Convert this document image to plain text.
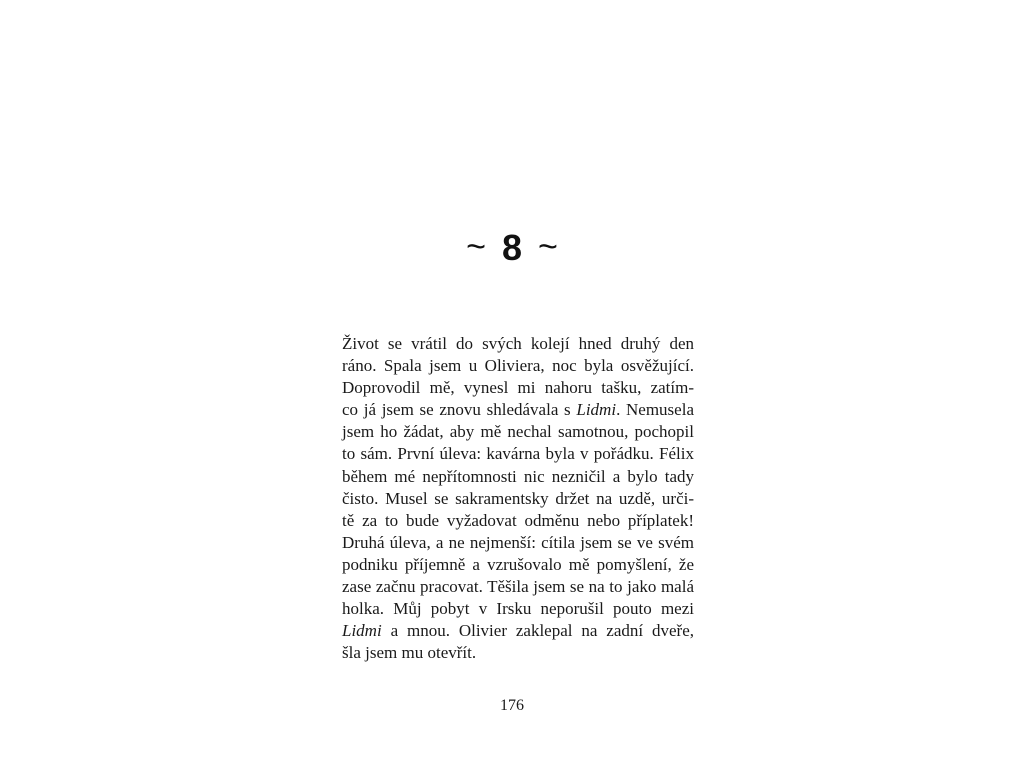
~ 8 ~
Život se vrátil do svých kolejí hned druhý den
ráno. Spala jsem u Oliviera, noc byla osvěžující.
Doprovodil mě, vynesl mi nahoru tašku, zatím-
co já jsem se znovu shledávala s Lidmi. Nemusela
jsem ho žádat, aby mě nechal samotnou, pochopil
to sám. První úleva: kavárna byla v pořádku. Félix
během mé nepřítomnosti nic nezničil a bylo tady
čisto. Musel se sakramentsky držet na uzdě, urči-
tě za to bude vyžadovat odměnu nebo příplatek!
Druhá úleva, a ne nejmenší: cítila jsem se ve svém
podniku příjemně a vzrušovalo mě pomyšlení, že
zase začnu pracovat. Těšila jsem se na to jako malá
holka. Můj pobyt v Irsku neporušil pouto mezi
Lidmi a mnou. Olivier zaklepal na zadní dveře,
šla jsem mu otevřít.
176
